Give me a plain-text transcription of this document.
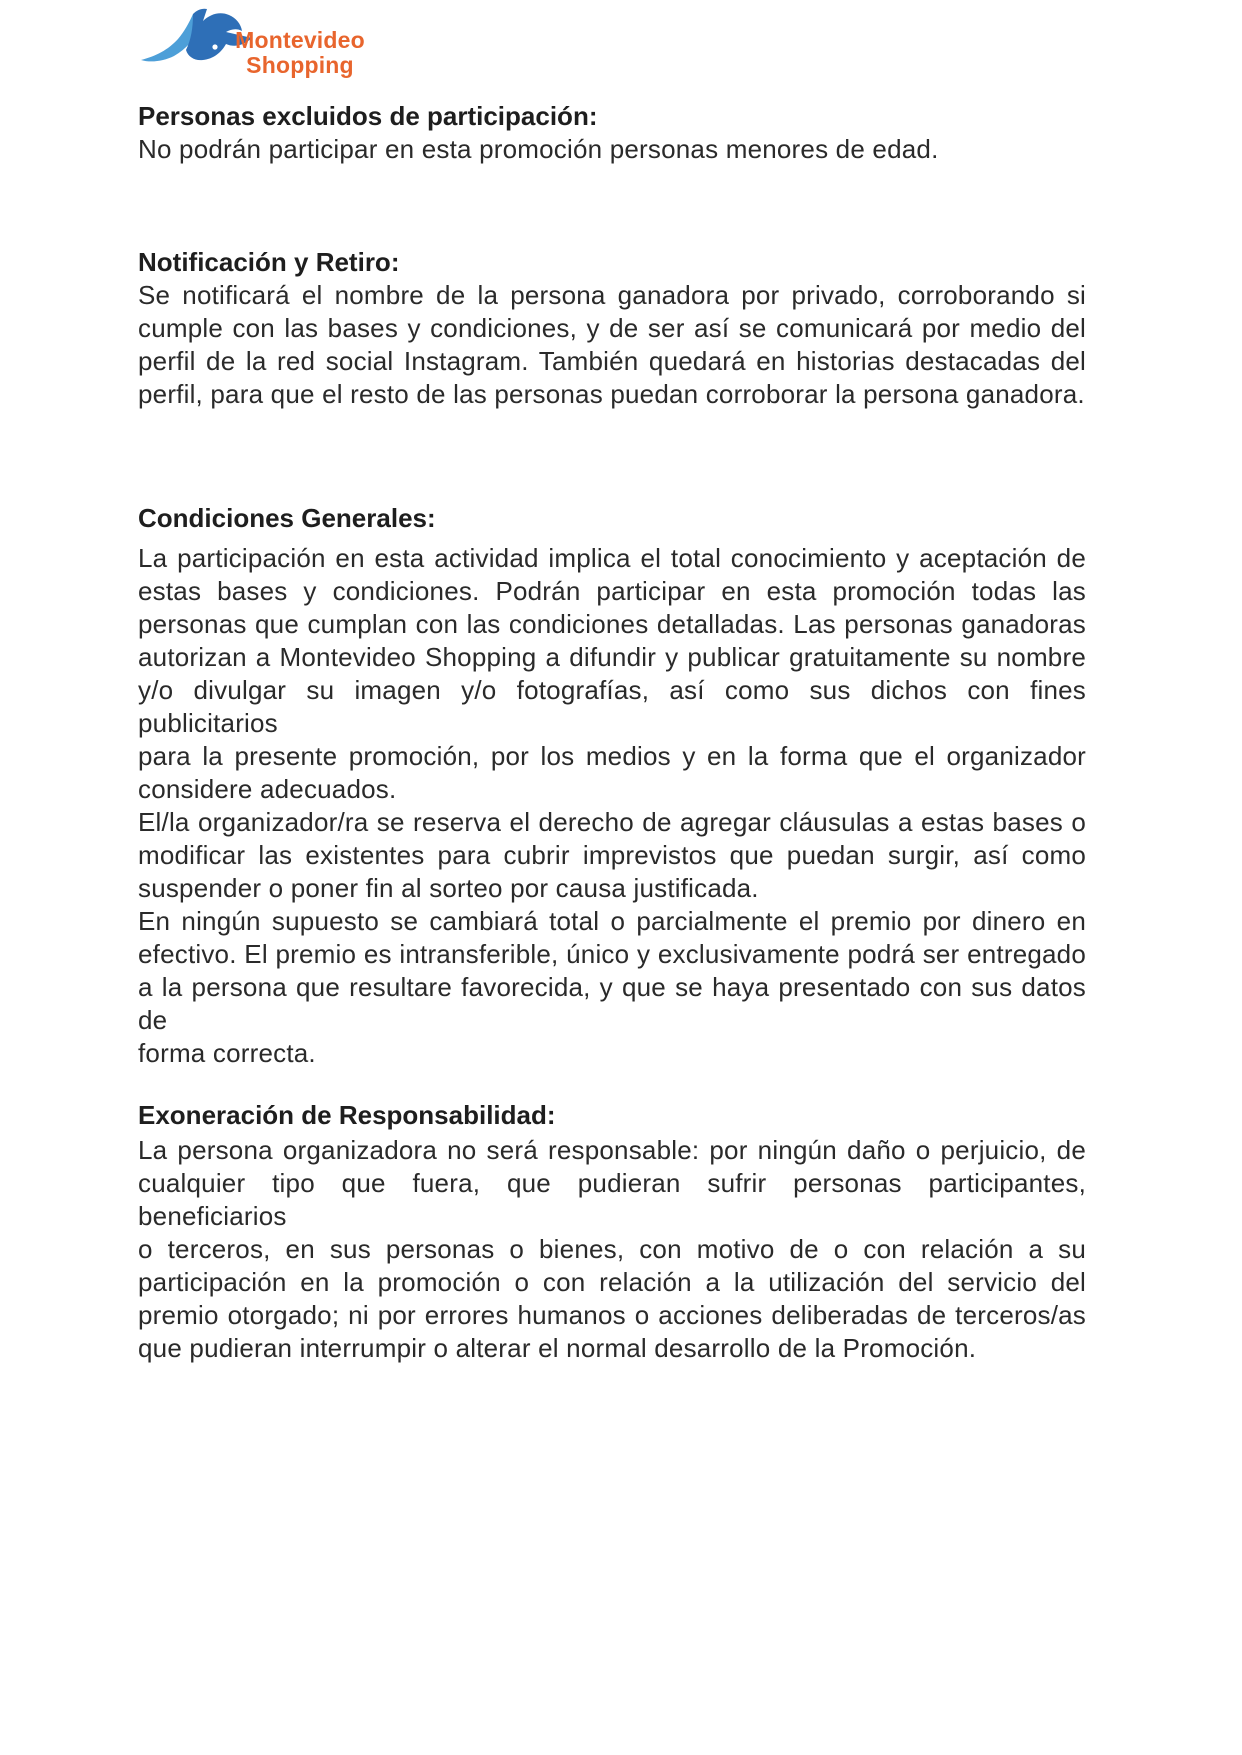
Montevideo
Shopping
Personas excluidos de participación:

No podrán participar en esta promoción personas menores de edad.

Notificación y Retiro:

Se notificará el nombre de la persona ganadora por privado, corroborando si
cumple con las bases y condiciones, y de ser así se comunicará por medio del
perfil de la red social Instagram. También quedará en historias destacadas del
perfil, para que el resto de las personas puedan corroborar la persona ganadora.

Condiciones Generales:

La participación en esta actividad implica el total conocimiento y aceptación de
estas bases y condiciones. Podrán participar en esta promoción todas las
personas que cumplan con las condiciones detalladas. Las personas ganadoras
autorizan a Montevideo Shopping a difundir y publicar gratuitamente su nombre
y/o divulgar su imagen y/o fotografías, así como sus dichos con fines publicitarios
para la presente promoción, por los medios y en la forma que el organizador
considere adecuados.

El/la organizador/ra se reserva el derecho de agregar cláusulas a estas bases o
modificar las existentes para cubrir imprevistos que puedan surgir, así como
suspender o poner fin al sorteo por causa justificada.

En ningún supuesto se cambiará total o parcialmente el premio por dinero en
efectivo. El premio es intransferible, único y exclusivamente podrá ser entregado
a la persona que resultare favorecida, y que se haya presentado con sus datos de
forma correcta.

Exoneración de Responsabilidad:

La persona organizadora no será responsable: por ningún daño o perjuicio, de
cualquier tipo que fuera, que pudieran sufrir personas participantes, beneficiarios
o terceros, en sus personas o bienes, con motivo de o con relación a su
participación en la promoción o con relación a la utilización del servicio del
premio otorgado; ni por errores humanos o acciones deliberadas de terceros/as
que pudieran interrumpir o alterar el normal desarrollo de la Promoción.
